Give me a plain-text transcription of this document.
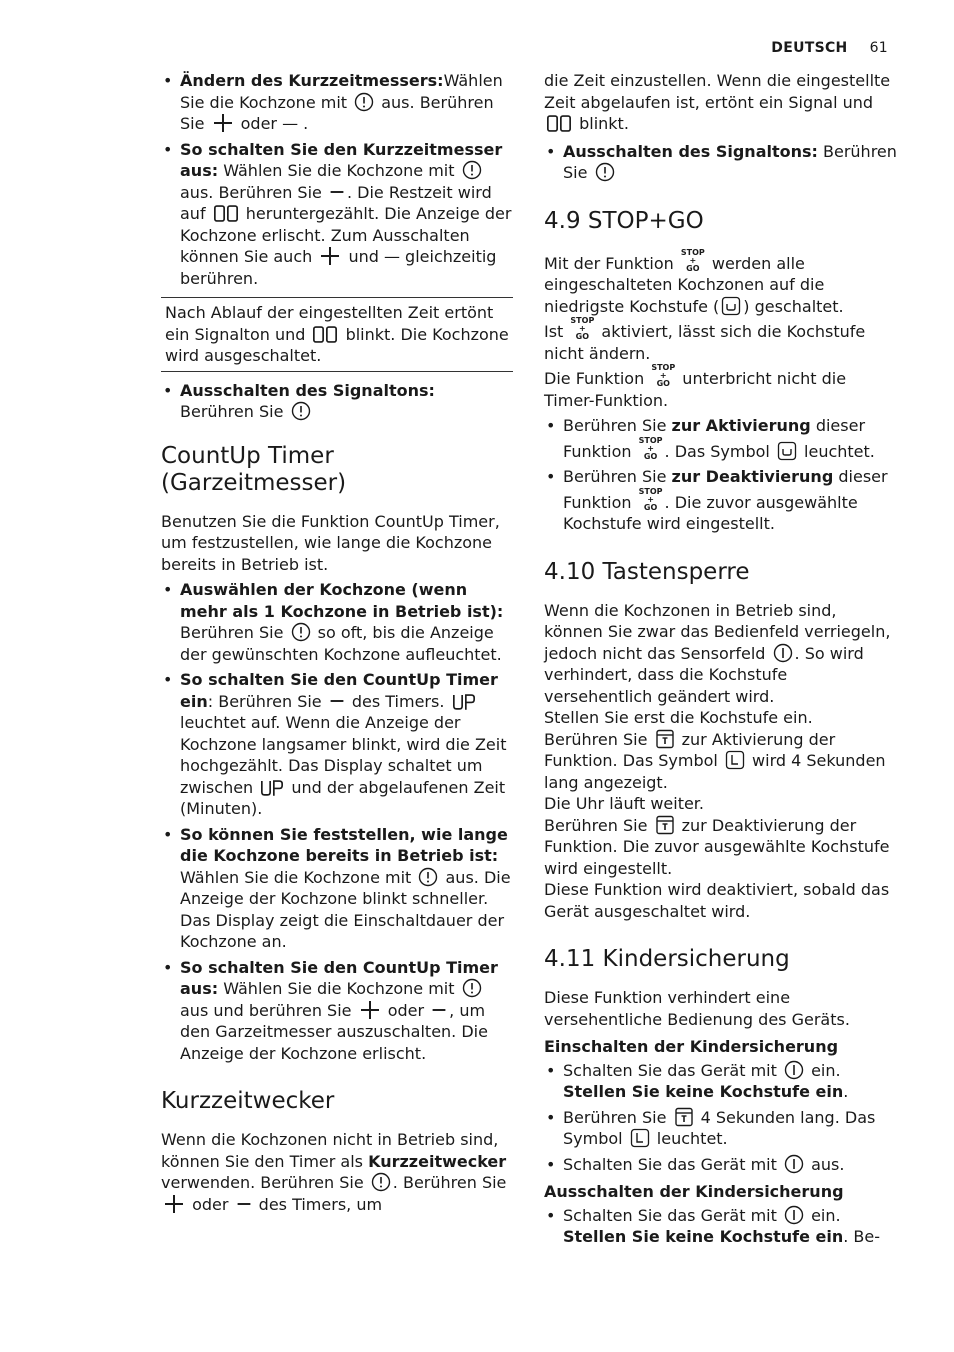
DEUTSCH 61
• Ändern des Kurzzeitmessers:Wählen Sie die Kochzone mit aus. Berühren Sie oder — .
• So schalten Sie den Kurzzeitmesser aus: Wählen Sie die Kochzone mit
aus. Berühren Sie . Die Restzeit wird auf	heruntergezählt. Die Anzeige der Kochzone erlischt. Zum Ausschalten können Sie auch und — gleichzeitig berühren.
Nach Ablauf der eingestellten Zeit ertönt ein Signalton und	blinkt. Die Kochzone wird ausgeschaltet.
• Ausschalten des Signaltons: Berühren Sie
CountUp Timer (Garzeitmesser)

Benutzen Sie die Funktion CountUp Timer, um festzustellen, wie lange die Kochzone bereits in Betrieb ist.

• Auswählen der Kochzone (wenn mehr als 1 Kochzone in Betrieb ist):
Berühren Sie so oft, bis die Anzeige der gewünschten Kochzone aufleuchtet.
• So schalten Sie den CountUp Timer ein: Berühren Sie des Timers.
leuchtet auf. Wenn die Anzeige der Kochzone langsamer blinkt, wird die Zeit hochgezählt. Das Display schaltet um zwischen und der abgelaufenen Zeit (Minuten).
• So können Sie feststellen, wie lange die Kochzone bereits in Betrieb ist:
Wählen Sie die Kochzone mit aus. Die Anzeige der Kochzone blinkt schneller. Das Display zeigt die Einschaltdauer der Kochzone an.
• So schalten Sie den CountUp Timer aus: Wählen Sie die Kochzone mit
aus und berühren Sie oder , um den Garzeitmesser auszuschalten. Die Anzeige der Kochzone erlischt.
Kurzzeitwecker

Wenn die Kochzonen nicht in Betrieb sind, können Sie den Timer als Kurzzeitwecker verwenden. Berühren Sie . Berühren Sie
oder des Timers, um

die Zeit einzustellen. Wenn die eingestellte Zeit abgelaufen ist, ertönt ein Signal und
blinkt.

• Ausschalten des Signaltons: Berühren Sie
4.9 STOP+GO

Mit der Funktion STOP
+
GO werden alle eingeschalteten Kochzonen auf die niedrigste Kochstufe ( ) geschaltet.

Ist STOP
+
GO aktiviert, lässt sich die Kochstufe nicht ändern.

Die Funktion STOP
+
GO unterbricht nicht die Timer-Funktion.

• Berühren Sie zur Aktivierung dieser Funktion STOP
+
GO . Das Symbol leuchtet.
• Berühren Sie zur Deaktivierung dieser Funktion STOP
+
GO . Die zuvor ausgewählte Kochstufe wird eingestellt.
4.10 Tastensperre

Wenn die Kochzonen in Betrieb sind, können Sie zwar das Bedienfeld verriegeln, jedoch nicht das Sensorfeld . So wird verhindert, dass die Kochstufe versehentlich geändert wird.

Stellen Sie erst die Kochstufe ein.

Berühren Sie zur Aktivierung der Funktion. Das Symbol wird 4 Sekunden lang angezeigt.

Die Uhr läuft weiter.

Berühren Sie zur Deaktivierung der Funktion. Die zuvor ausgewählte Kochstufe wird eingestellt.

Diese Funktion wird deaktiviert, sobald das Gerät ausgeschaltet wird.

4.11 Kindersicherung

Diese Funktion verhindert eine versehentliche Bedienung des Geräts.

Einschalten der Kindersicherung
• Schalten Sie das Gerät mit ein.
Stellen Sie keine Kochstufe ein.
• Berühren Sie 4 Sekunden lang. Das Symbol leuchtet.
• Schalten Sie das Gerät mit aus.
Ausschalten der Kindersicherung
• Schalten Sie das Gerät mit ein.
Stellen Sie keine Kochstufe ein. Be-
